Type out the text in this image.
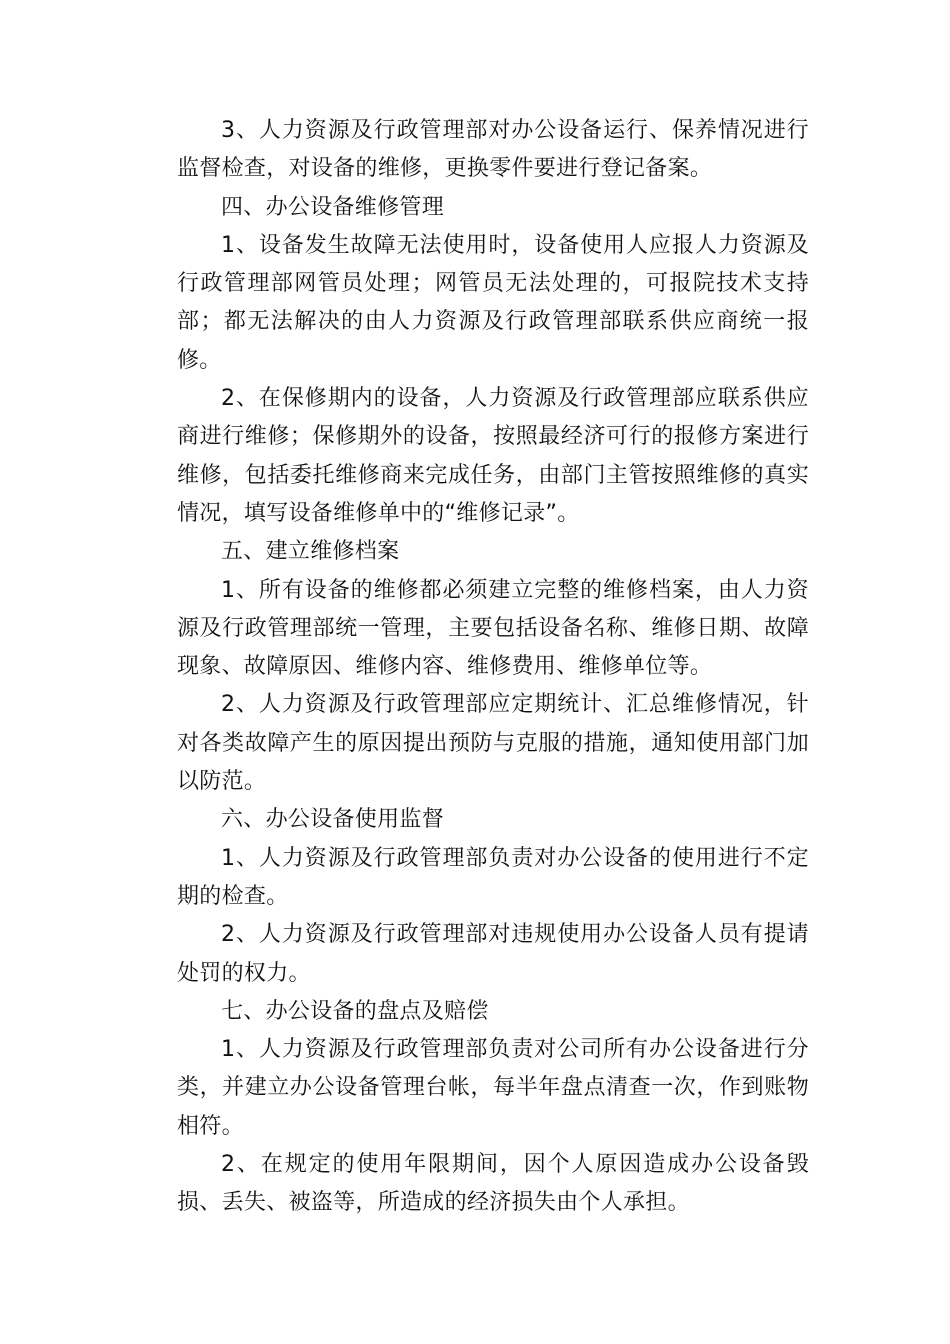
3、人力资源及行政管理部对办公设备运行、保养情况进行监督检查，对设备的维修，更换零件要进行登记备案。

四、办公设备维修管理

1、设备发生故障无法使用时，设备使用人应报人力资源及行政管理部网管员处理；网管员无法处理的，可报院技术支持部；都无法解决的由人力资源及行政管理部联系供应商统一报修。

2、在保修期内的设备，人力资源及行政管理部应联系供应商进行维修；保修期外的设备，按照最经济可行的报修方案进行维修，包括委托维修商来完成任务，由部门主管按照维修的真实情况，填写设备维修单中的“维修记录”。

五、建立维修档案

1、所有设备的维修都必须建立完整的维修档案，由人力资源及行政管理部统一管理，主要包括设备名称、维修日期、故障现象、故障原因、维修内容、维修费用、维修单位等。

2、人力资源及行政管理部应定期统计、汇总维修情况，针对各类故障产生的原因提出预防与克服的措施，通知使用部门加以防范。

六、办公设备使用监督

1、人力资源及行政管理部负责对办公设备的使用进行不定期的检查。

2、人力资源及行政管理部对违规使用办公设备人员有提请处罚的权力。

七、办公设备的盘点及赔偿

1、人力资源及行政管理部负责对公司所有办公设备进行分类，并建立办公设备管理台帐，每半年盘点清查一次，作到账物相符。

2、在规定的使用年限期间，因个人原因造成办公设备毁损、丢失、被盗等，所造成的经济损失由个人承担。
